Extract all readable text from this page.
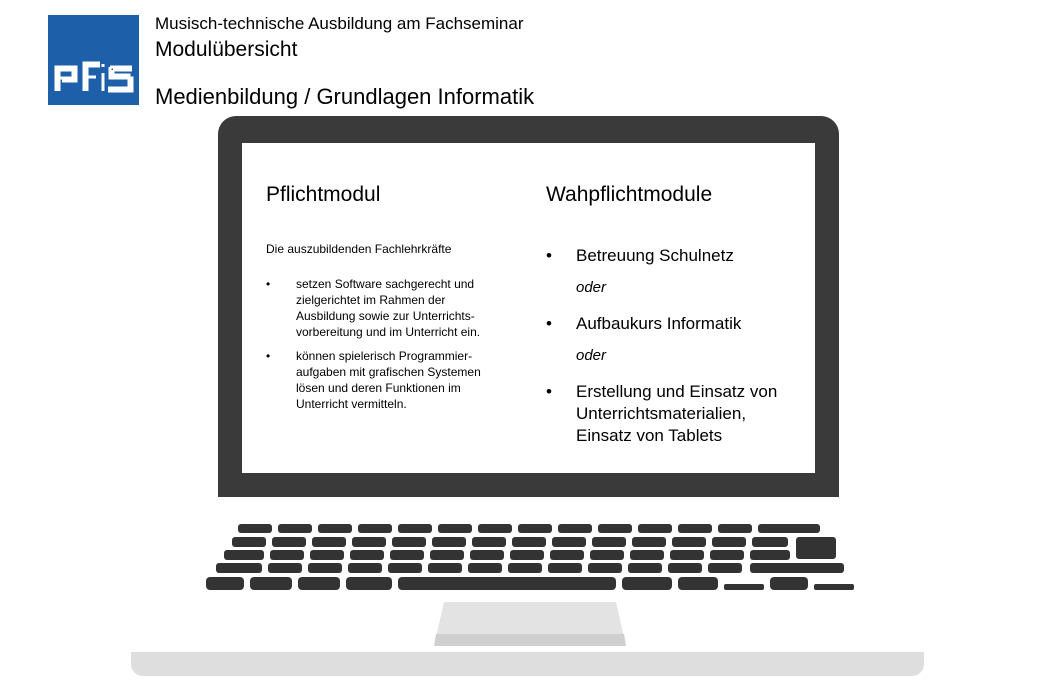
Musisch-technische Ausbildung am Fachseminar
Modulübersicht
Medienbildung / Grundlagen Informatik
Pflichtmodul

Die auszubildenden Fachlehrkräfte

• setzen Software sachgerecht und zielgerichtet im Rahmen der Ausbildung sowie zur Unterrichts- vorbereitung und im Unterricht ein.
• können spielerisch Programmier- aufgaben mit grafischen Systemen lösen und deren Funktionen im Unterricht vermitteln.
Wahpflichtmodule
• Betreuung Schulnetz
oder
• Aufbaukurs Informatik
oder
• Erstellung und Einsatz von Unterrichtsmaterialien, Einsatz von Tablets
